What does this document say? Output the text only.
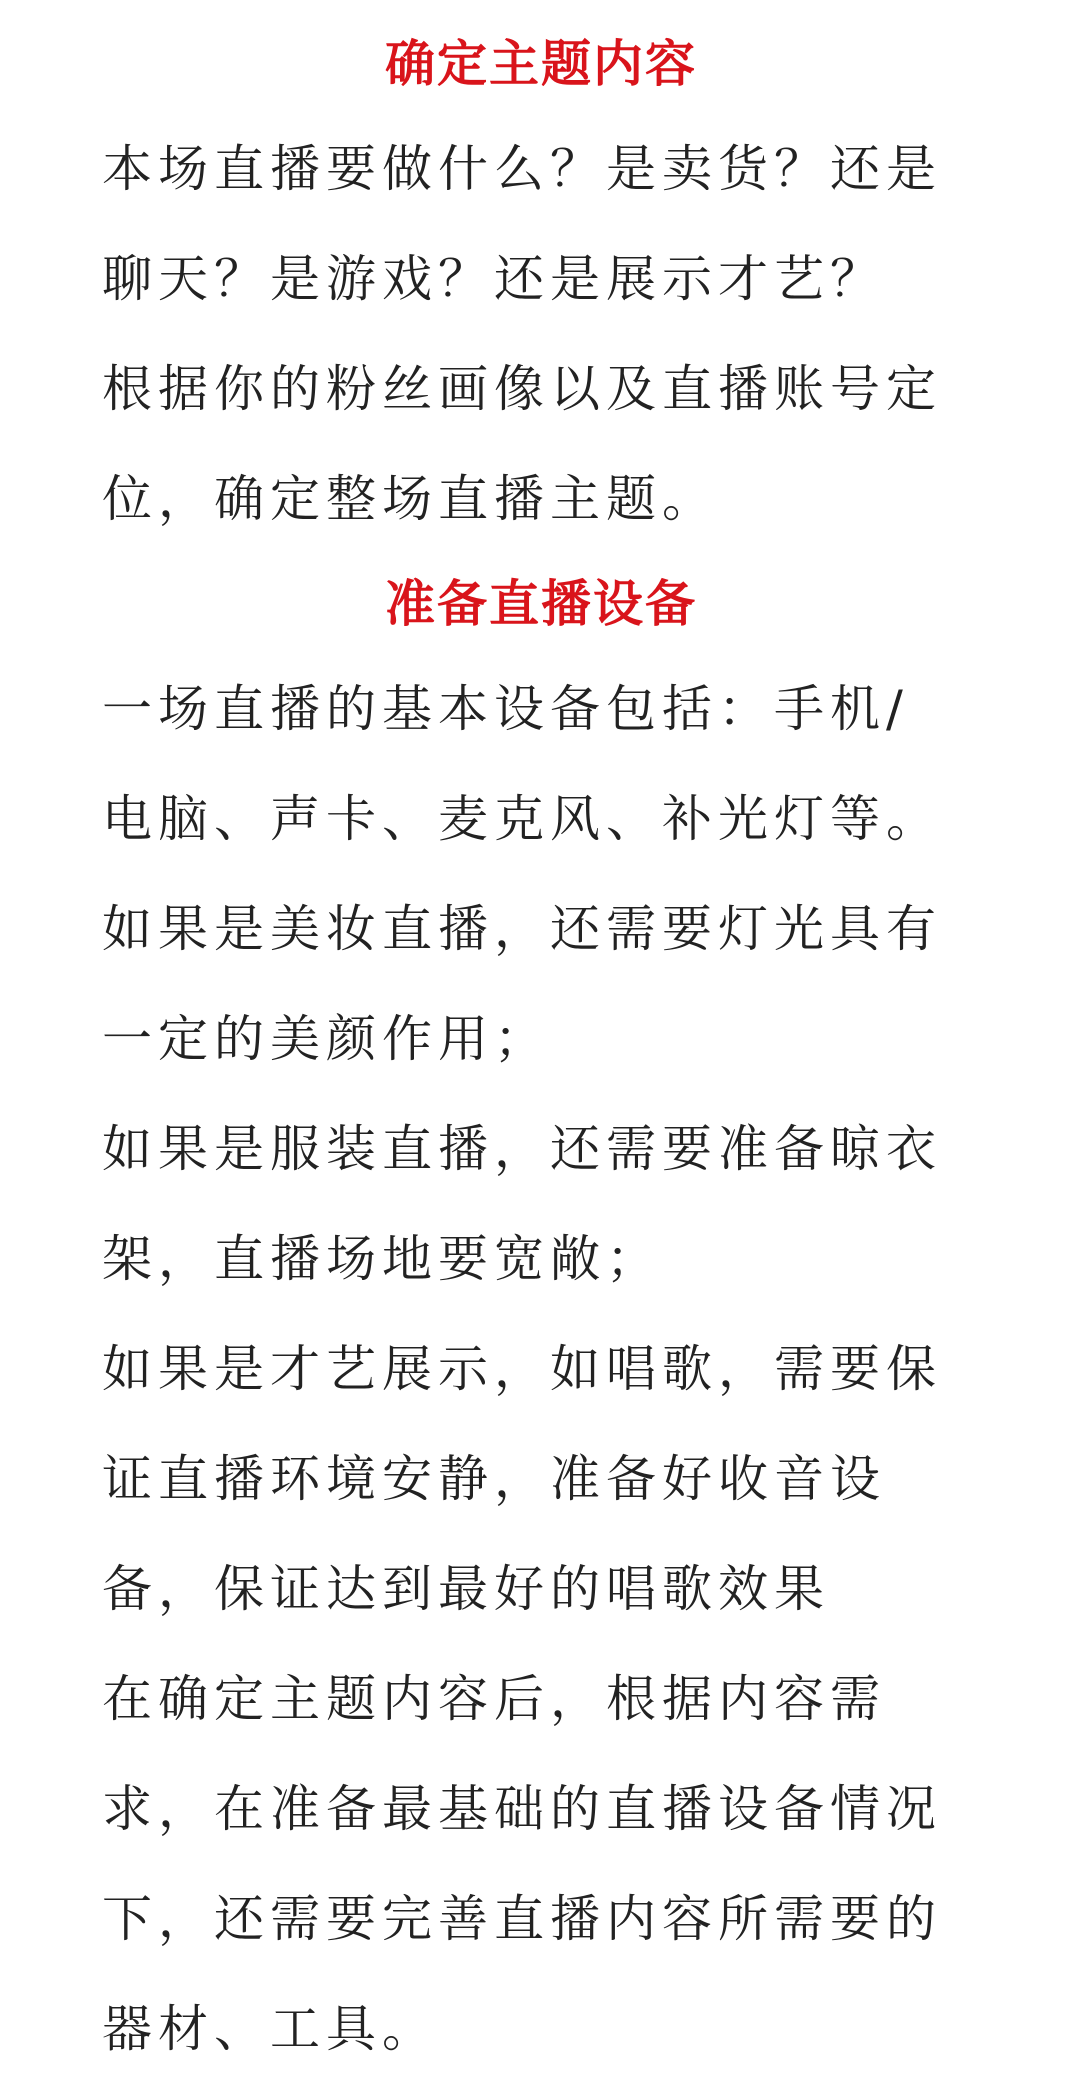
确定主题内容

本场直播要做什么？是卖货？还是
聊天？是游戏？还是展示才艺？

根据你的粉丝画像以及直播账号定
位，确定整场直播主题。

准备直播设备

一场直播的基本设备包括：手机/
电脑、声卡、麦克风、补光灯等。

如果是美妆直播，还需要灯光具有
一定的美颜作用；

如果是服装直播，还需要准备晾衣
架，直播场地要宽敞；

如果是才艺展示，如唱歌，需要保
证直播环境安静，准备好收音设
备，保证达到最好的唱歌效果

在确定主题内容后，根据内容需
求，在准备最基础的直播设备情况
下，还需要完善直播内容所需要的
器材、工具。
